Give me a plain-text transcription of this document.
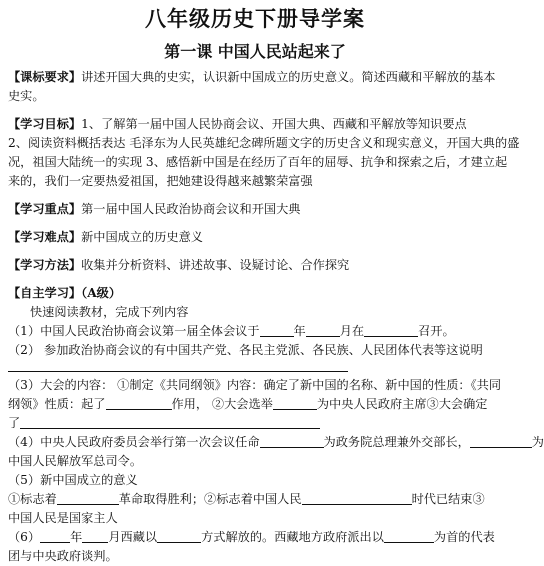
八年级历史下册导学案
第一课 中国人民站起来了

【课标要求】讲述开国大典的史实，认识新中国成立的历史意义。简述西藏和平解放的基本

史实。

【学习目标】1、了解第一届中国人民协商会议、开国大典、西藏和平解放等知识要点

2、阅读资料概括表达 毛泽东为人民英雄纪念碑所题文字的历史含义和现实意义，开国大典的盛

况，祖国大陆统一的实现 3、感悟新中国是在经历了百年的屈辱、抗争和探索之后，才建立起

来的，我们一定要热爱祖国，把她建设得越来越繁荣富强

【学习重点】第一届中国人民政治协商会议和开国大典

【学习难点】新中国成立的历史意义

【学习方法】收集并分析资料、讲述故事、设疑讨论、合作探究

【自主学习】（A级）

快速阅读教材，完成下列内容

（1）中国人民政治协商会议第一届全体会议于	年	月在	召开。

（2） 参加政治协商会议的有中国共产党、各民主党派、各民族、人民团体代表等这说明

（3）大会的内容： ①制定《共同纲领》内容：确定了新中国的名称、新中国的性质：《共同

纲领》性质：起了	作用， ②大会选举	为中央人民政府主席③大会确定

了

（4）中央人民政府委员会举行第一次会议任命	为政务院总理兼外交部长，	为

中国人民解放军总司令。

（5）新中国成立的意义

①标志着	革命取得胜利；②标志着中国人民	时代已结束③

中国人民是国家主人

（6） 年 月西藏以	方式解放的。西藏地方政府派出以	为首的代表

团与中央政府谈判。
